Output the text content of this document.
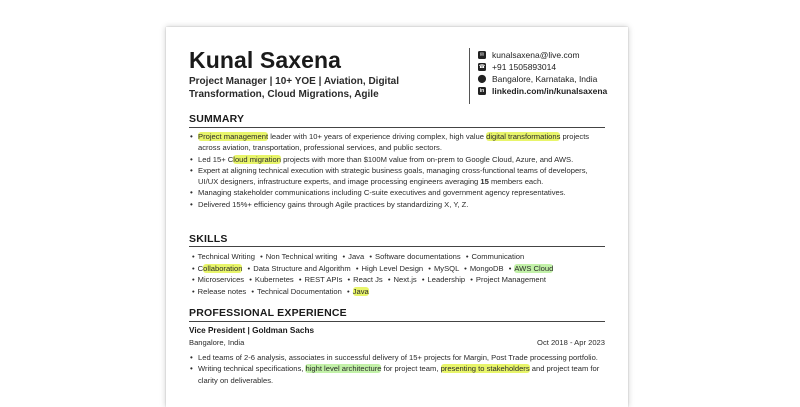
Kunal Saxena
Project Manager | 10+ YOE | Aviation, Digital Transformation, Cloud Migrations, Agile
✉ kunalsaxena@live.com
☎ +91 1505893014
⬤ Bangalore, Karnataka, India
in linkedin.com/in/kunalsaxena
SUMMARY
• Project management leader with 10+ years of experience driving complex, high value digital transformations projects across aviation, transportation, professional services, and public sectors.
• Led 15+ Cloud migration projects with more than $100M value from on-prem to Google Cloud, Azure, and AWS.
• Expert at aligning technical execution with strategic business goals, managing cross-functional teams of developers, UI/UX designers, infrastructure experts, and image processing engineers averaging 15 members each.
• Managing stakeholder communications including C-suite executives and government agency representatives.
• Delivered 15%+ efficiency gains through Agile practices by standardizing X, Y, Z.
SKILLS
• Technical Writing • Non Technical writing • Java • Software documentations • Communication
• Collaboration • Data Structure and Algorithm • High Level Design • MySQL • MongoDB • AWS Cloud
• Microservices • Kubernetes • REST APIs • React Js • Next.js • Leadership • Project Management
• Release notes • Technical Documentation • Java
PROFESSIONAL EXPERIENCE
Vice President | Goldman Sachs
Bangalore, India	Oct 2018 - Apr 2023
• Led teams of 2-6 analysis, associates in successful delivery of 15+ projects for Margin, Post Trade processing portfolio.
• Writing technical specifications, hight level architecture for project team, presenting to stakeholders and project team for clarity on deliverables.
